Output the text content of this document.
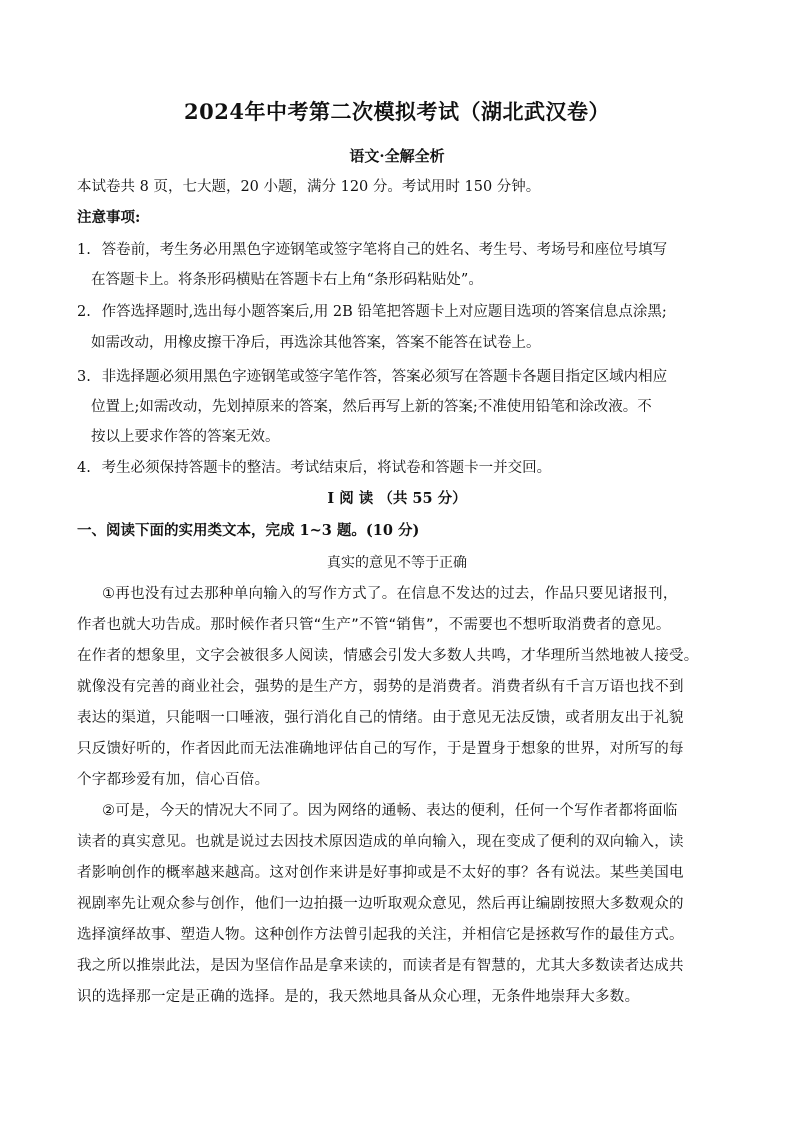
2024年中考第二次模拟考试（湖北武汉卷）
语文·全解全析
本试卷共 8 页，七大题，20 小题，满分 120 分。考试用时 150 分钟。
注意事项:
1. 答卷前，考生务必用黑色字迹钢笔或签字笔将自己的姓名、考生号、考场号和座位号填写
在答题卡上。将条形码横贴在答题卡右上角“条形码粘贴处”。
2. 作答选择题时,选出每小题答案后,用 2B 铅笔把答题卡上对应题目选项的答案信息点涂黑;
如需改动，用橡皮擦干净后，再选涂其他答案，答案不能答在试卷上。
3. 非选择题必须用黑色字迹钢笔或签字笔作答，答案必须写在答题卡各题目指定区域内相应
位置上;如需改动，先划掉原来的答案，然后再写上新的答案;不准使用铅笔和涂改液。不
按以上要求作答的答案无效。
4. 考生必须保持答题卡的整洁。考试结束后，将试卷和答题卡一并交回。
I 阅 读 （共 55 分）
一、阅读下面的实用类文本，完成 1~3 题。(10 分)
真实的意见不等于正确
①再也没有过去那种单向输入的写作方式了。在信息不发达的过去，作品只要见诸报刊，
作者也就大功告成。那时候作者只管“生产”不管“销售”，不需要也不想听取消费者的意见。
在作者的想象里，文字会被很多人阅读，情感会引发大多数人共鸣，才华理所当然地被人接受。
就像没有完善的商业社会，强势的是生产方，弱势的是消费者。消费者纵有千言万语也找不到
表达的渠道，只能咽一口唾液，强行消化自己的情绪。由于意见无法反馈，或者朋友出于礼貌
只反馈好听的，作者因此而无法准确地评估自己的写作，于是置身于想象的世界，对所写的每
个字都珍爱有加，信心百倍。
②可是，今天的情况大不同了。因为网络的通畅、表达的便利，任何一个写作者都将面临
读者的真实意见。也就是说过去因技术原因造成的单向输入，现在变成了便利的双向输入，读
者影响创作的概率越来越高。这对创作来讲是好事抑或是不太好的事？各有说法。某些美国电
视剧率先让观众参与创作，他们一边拍摄一边听取观众意见，然后再让编剧按照大多数观众的
选择演绎故事、塑造人物。这种创作方法曾引起我的关注，并相信它是拯救写作的最佳方式。
我之所以推崇此法，是因为坚信作品是拿来读的，而读者是有智慧的，尤其大多数读者达成共
识的选择那一定是正确的选择。是的，我天然地具备从众心理，无条件地崇拜大多数。
